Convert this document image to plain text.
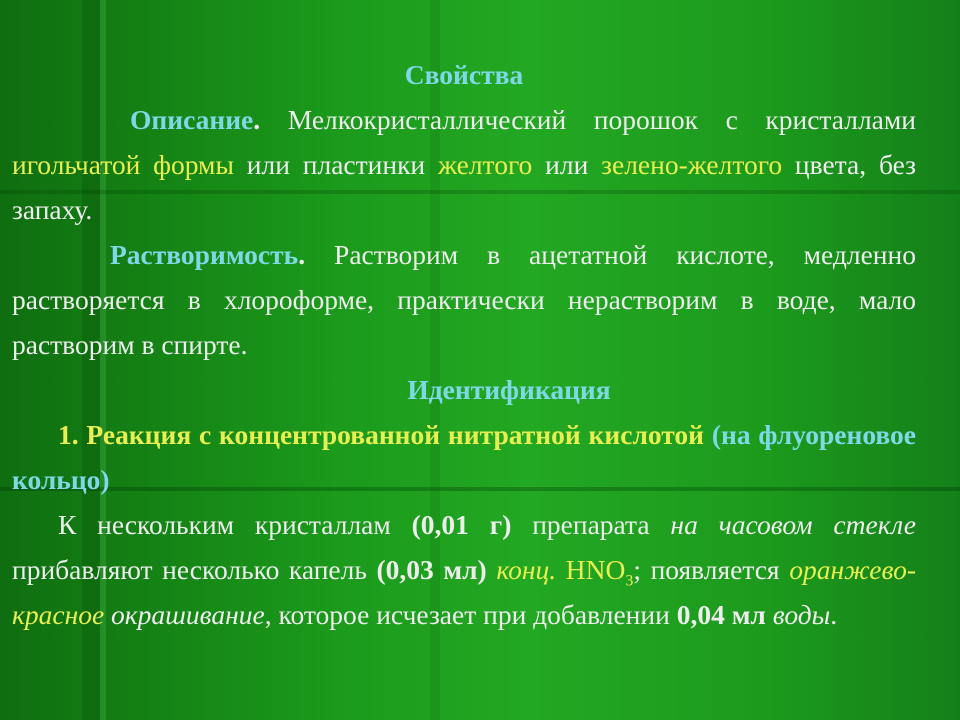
Свойства

Описание. Мелкокристаллический порошок с кристаллами игольчатой формы или пластинки желтого или зелено-желтого цвета, без запаху.

Растворимость. Растворим в ацетатной кислоте, медленно растворяется в хлороформе, практически нерастворим в воде, мало растворим в спирте.

Идентификация

1. Реакция с концентрованной нитратной кислотой (на флуореновое кольцо)

К нескольким кристаллам (0,01 г) препарата на часовом стекле прибавляют несколько капель (0,03 мл) конц. $HNO_3$; появляется оранжево-красное окрашивание, которое исчезает при добавлении 0,04 мл воды.
